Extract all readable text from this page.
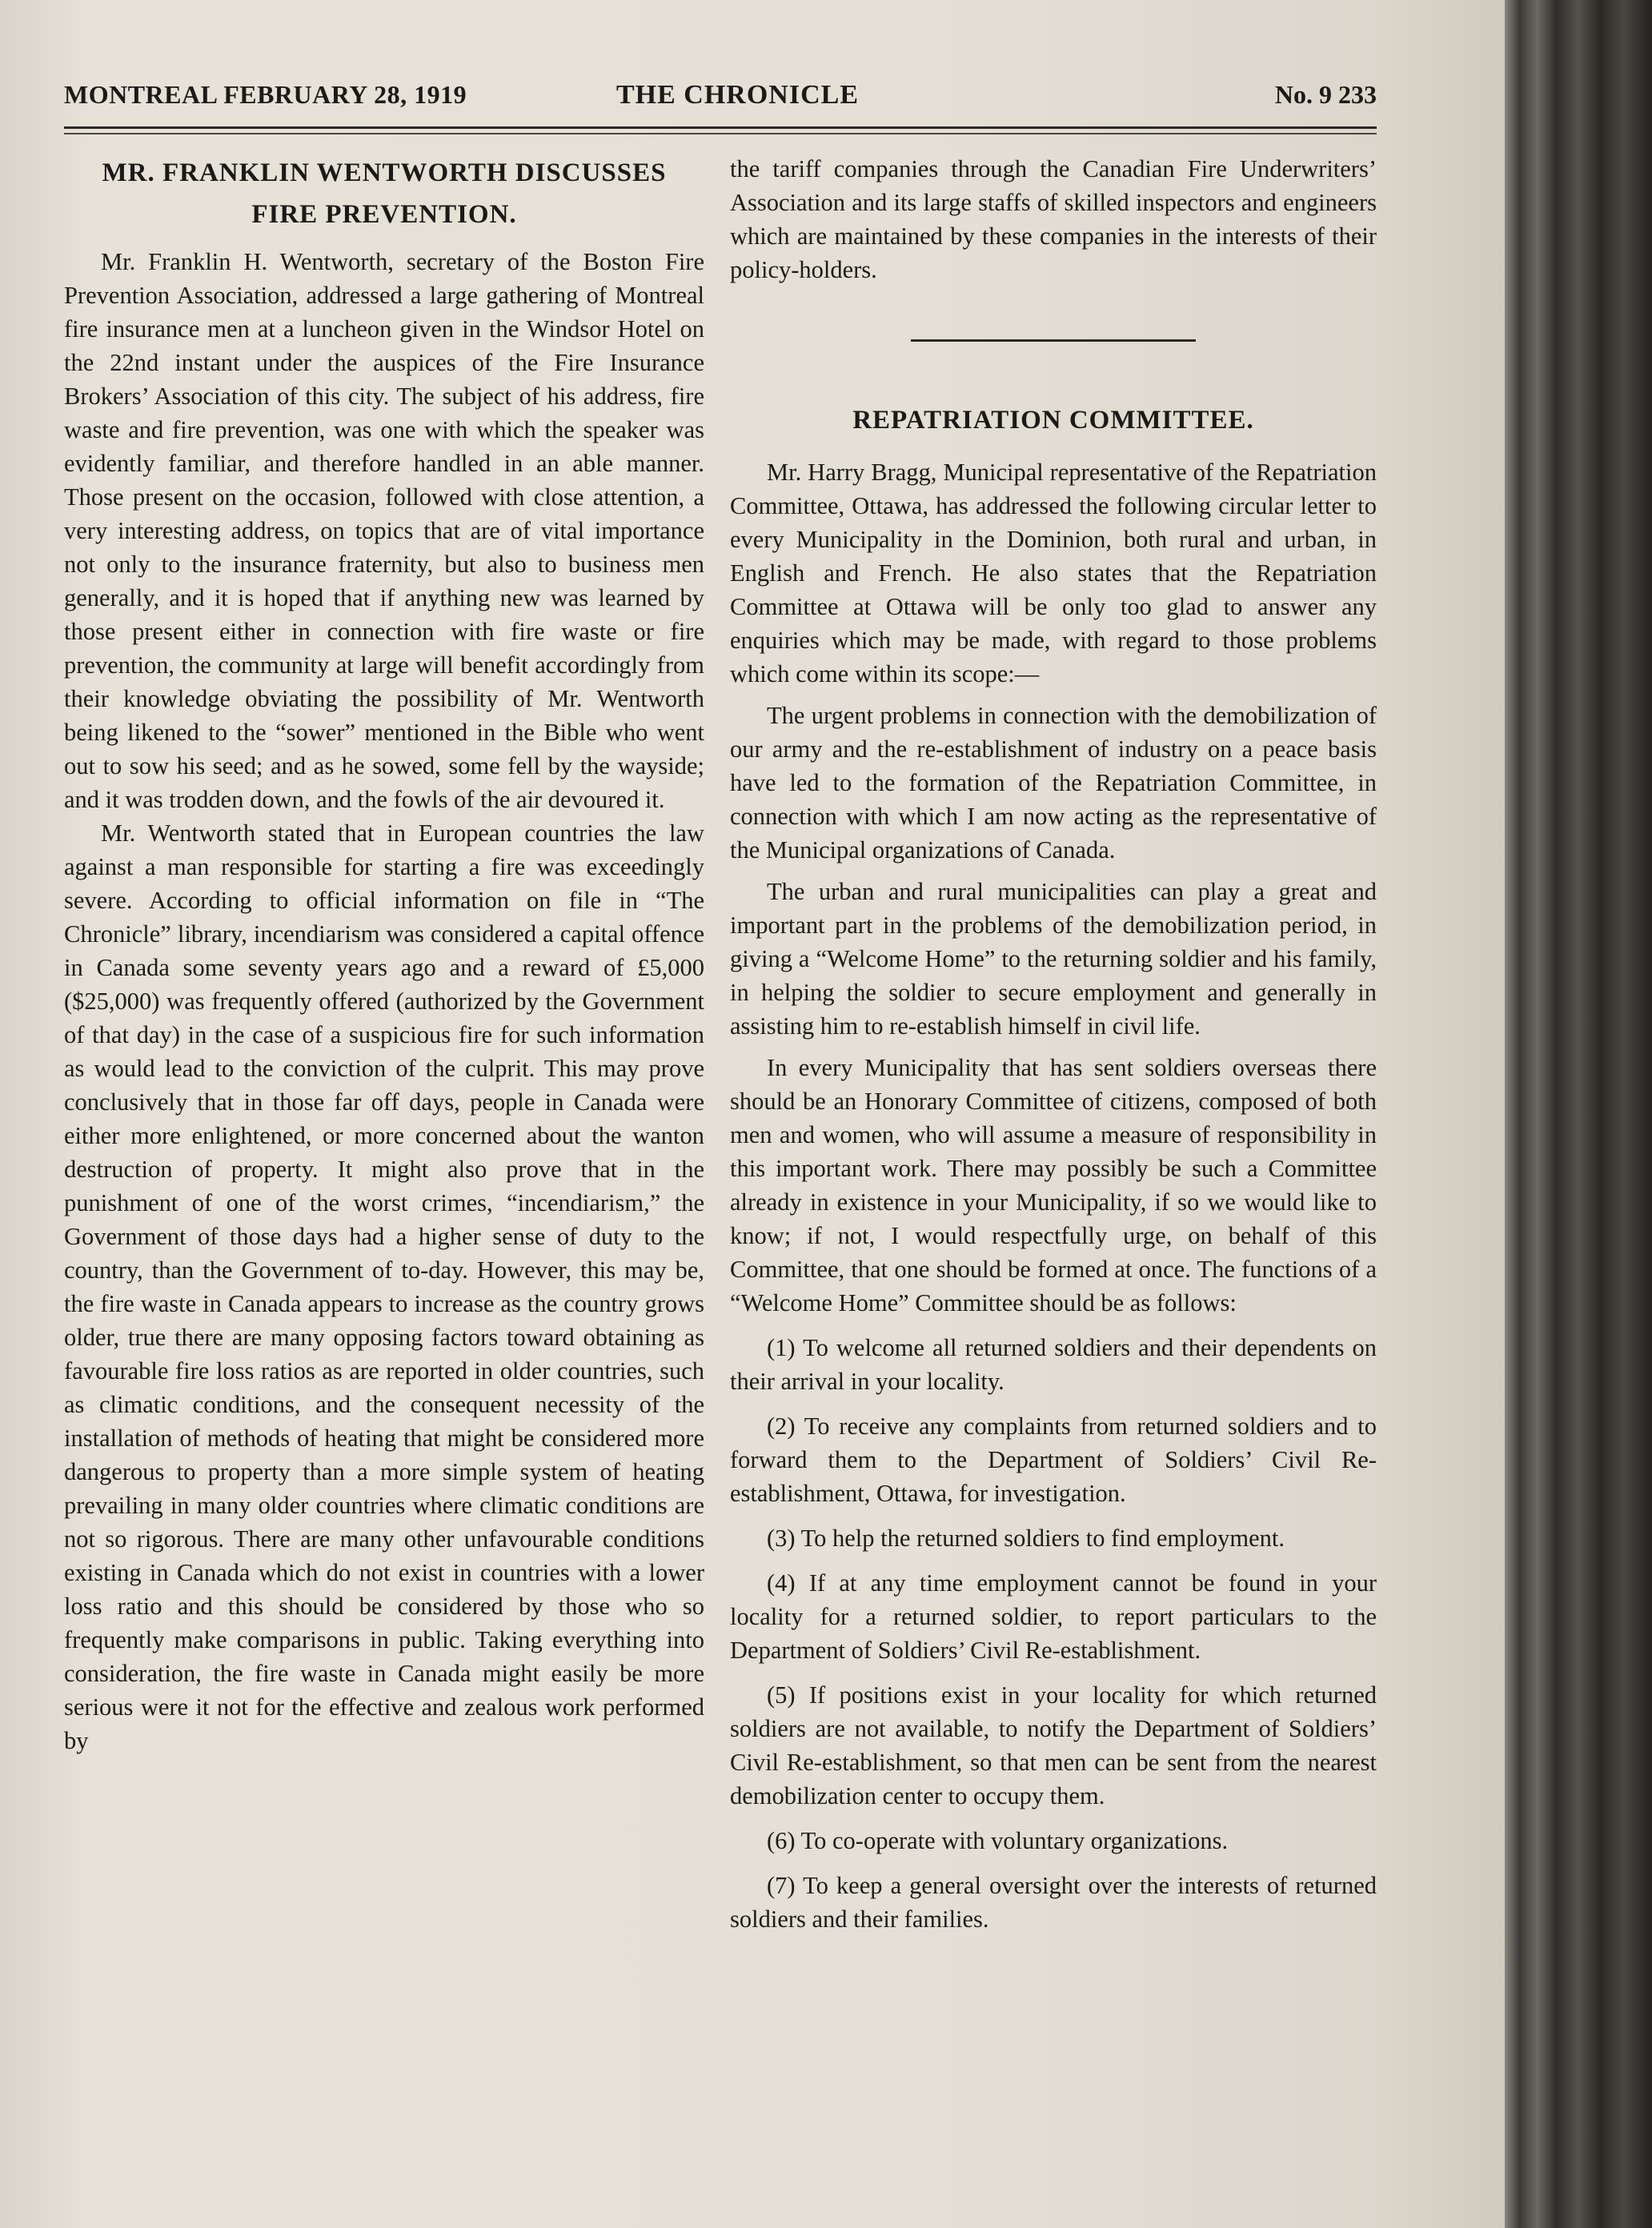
MONTREAL FEBRUARY 28, 1919	THE CHRONICLE	No. 9 233
MR. FRANKLIN WENTWORTH DISCUSSES
FIRE PREVENTION.

Mr. Franklin H. Wentworth, secretary of the Boston Fire Prevention Association, addressed a large gathering of Montreal fire insurance men at a luncheon given in the Windsor Hotel on the 22nd instant under the auspices of the Fire Insurance Brokers’ Association of this city. The subject of his address, fire waste and fire prevention, was one with which the speaker was evidently familiar, and therefore handled in an able manner. Those present on the occasion, followed with close attention, a very interesting address, on topics that are of vital importance not only to the insurance fraternity, but also to business men generally, and it is hoped that if anything new was learned by those present either in connection with fire waste or fire prevention, the community at large will benefit accordingly from their knowledge obviating the possibility of Mr. Wentworth being likened to the “sower” mentioned in the Bible who went out to sow his seed; and as he sowed, some fell by the wayside; and it was trodden down, and the fowls of the air devoured it.

Mr. Wentworth stated that in European countries the law against a man responsible for starting a fire was exceedingly severe. According to official information on file in “The Chronicle” library, incendiarism was considered a capital offence in Canada some seventy years ago and a reward of £5,000 ($25,000) was frequently offered (authorized by the Government of that day) in the case of a suspicious fire for such information as would lead to the conviction of the culprit. This may prove conclusively that in those far off days, people in Canada were either more enlightened, or more concerned about the wanton destruction of property. It might also prove that in the punishment of one of the worst crimes, “incendiarism,” the Government of those days had a higher sense of duty to the country, than the Government of to-day. However, this may be, the fire waste in Canada appears to increase as the country grows older, true there are many opposing factors toward obtaining as favourable fire loss ratios as are reported in older countries, such as climatic conditions, and the consequent necessity of the installation of methods of heating that might be considered more dangerous to property than a more simple system of heating prevailing in many older countries where climatic conditions are not so rigorous. There are many other unfavourable conditions existing in Canada which do not exist in countries with a lower loss ratio and this should be considered by those who so frequently make comparisons in public. Taking everything into consideration, the fire waste in Canada might easily be more serious were it not for the effective and zealous work performed by

the tariff companies through the Canadian Fire Underwriters’ Association and its large staffs of skilled inspectors and engineers which are maintained by these companies in the interests of their policy-holders.

REPATRIATION COMMITTEE.

Mr. Harry Bragg, Municipal representative of the Repatriation Committee, Ottawa, has addressed the following circular letter to every Municipality in the Dominion, both rural and urban, in English and French. He also states that the Repatriation Committee at Ottawa will be only too glad to answer any enquiries which may be made, with regard to those problems which come within its scope:—

The urgent problems in connection with the demobilization of our army and the re-establishment of industry on a peace basis have led to the formation of the Repatriation Committee, in connection with which I am now acting as the representative of the Municipal organizations of Canada.

The urban and rural municipalities can play a great and important part in the problems of the demobilization period, in giving a “Welcome Home” to the returning soldier and his family, in helping the soldier to secure employment and generally in assisting him to re-establish himself in civil life.

In every Municipality that has sent soldiers overseas there should be an Honorary Committee of citizens, composed of both men and women, who will assume a measure of responsibility in this important work. There may possibly be such a Committee already in existence in your Municipality, if so we would like to know; if not, I would respectfully urge, on behalf of this Committee, that one should be formed at once. The functions of a “Welcome Home” Committee should be as follows:

(1) To welcome all returned soldiers and their dependents on their arrival in your locality.

(2) To receive any complaints from returned soldiers and to forward them to the Department of Soldiers’ Civil Re-establishment, Ottawa, for investigation.

(3) To help the returned soldiers to find employment.

(4) If at any time employment cannot be found in your locality for a returned soldier, to report particulars to the Department of Soldiers’ Civil Re-establishment.

(5) If positions exist in your locality for which returned soldiers are not available, to notify the Department of Soldiers’ Civil Re-establishment, so that men can be sent from the nearest demobilization center to occupy them.

(6) To co-operate with voluntary organizations.

(7) To keep a general oversight over the interests of returned soldiers and their families.
